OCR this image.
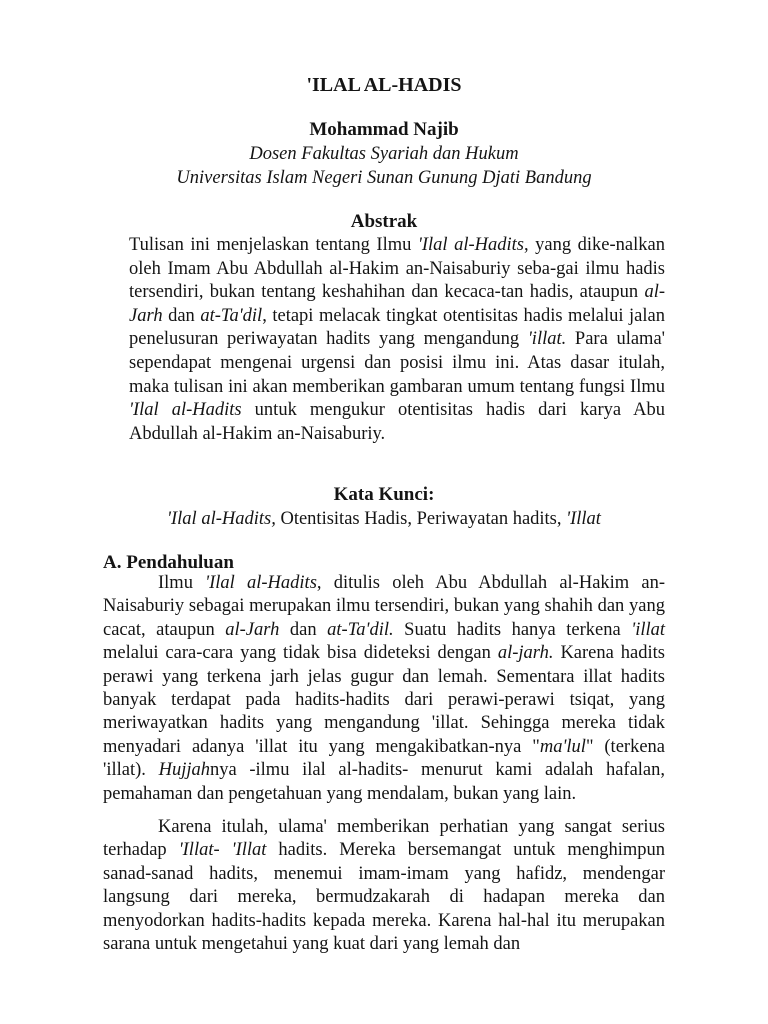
'ILAL AL-HADIS
Mohammad Najib
Dosen Fakultas Syariah dan Hukum
Universitas Islam Negeri Sunan Gunung Djati Bandung
Abstrak

Tulisan ini menjelaskan tentang Ilmu 'Ilal al-Hadits, yang dike-nalkan oleh Imam Abu Abdullah al-Hakim an-Naisaburiy seba-gai ilmu hadis tersendiri, bukan tentang keshahihan dan kecaca-tan hadis, ataupun al-Jarh dan at-Ta'dil, tetapi melacak tingkat otentisitas hadis melalui jalan penelusuran periwayatan hadits yang mengandung 'illat. Para ulama' sependapat mengenai urgensi dan posisi ilmu ini. Atas dasar itulah, maka tulisan ini akan memberikan gambaran umum tentang fungsi Ilmu 'Ilal al-Hadits untuk mengukur otentisitas hadis dari karya Abu Abdullah al-Hakim an-Naisaburiy.

Kata Kunci:
'Ilal al-Hadits, Otentisitas Hadis, Periwayatan hadits, 'Illat
A. Pendahuluan

Ilmu 'Ilal al-Hadits, ditulis oleh Abu Abdullah al-Hakim an-Naisaburiy sebagai merupakan ilmu tersendiri, bukan yang shahih dan yang cacat, ataupun al-Jarh dan at-Ta'dil. Suatu hadits hanya terkena 'illat melalui cara-cara yang tidak bisa dideteksi dengan al-jarh. Karena hadits perawi yang terkena jarh jelas gugur dan lemah. Sementara illat hadits banyak terdapat pada hadits-hadits dari perawi-perawi tsiqat, yang meriwayatkan hadits yang mengandung 'illat. Sehingga mereka tidak menyadari adanya 'illat itu yang mengakibatkan-nya "ma'lul" (terkena 'illat). Hujjahnya -ilmu ilal al-hadits- menurut kami adalah hafalan, pemahaman dan pengetahuan yang mendalam, bukan yang lain.

Karena itulah, ulama' memberikan perhatian yang sangat serius terhadap 'Illat- 'Illat hadits. Mereka bersemangat untuk menghimpun sanad-sanad hadits, menemui imam-imam yang hafidz, mendengar langsung dari mereka, bermudzakarah di hadapan mereka dan menyodorkan hadits-hadits kepada mereka. Karena hal-hal itu merupakan sarana untuk mengetahui yang kuat dari yang lemah dan
